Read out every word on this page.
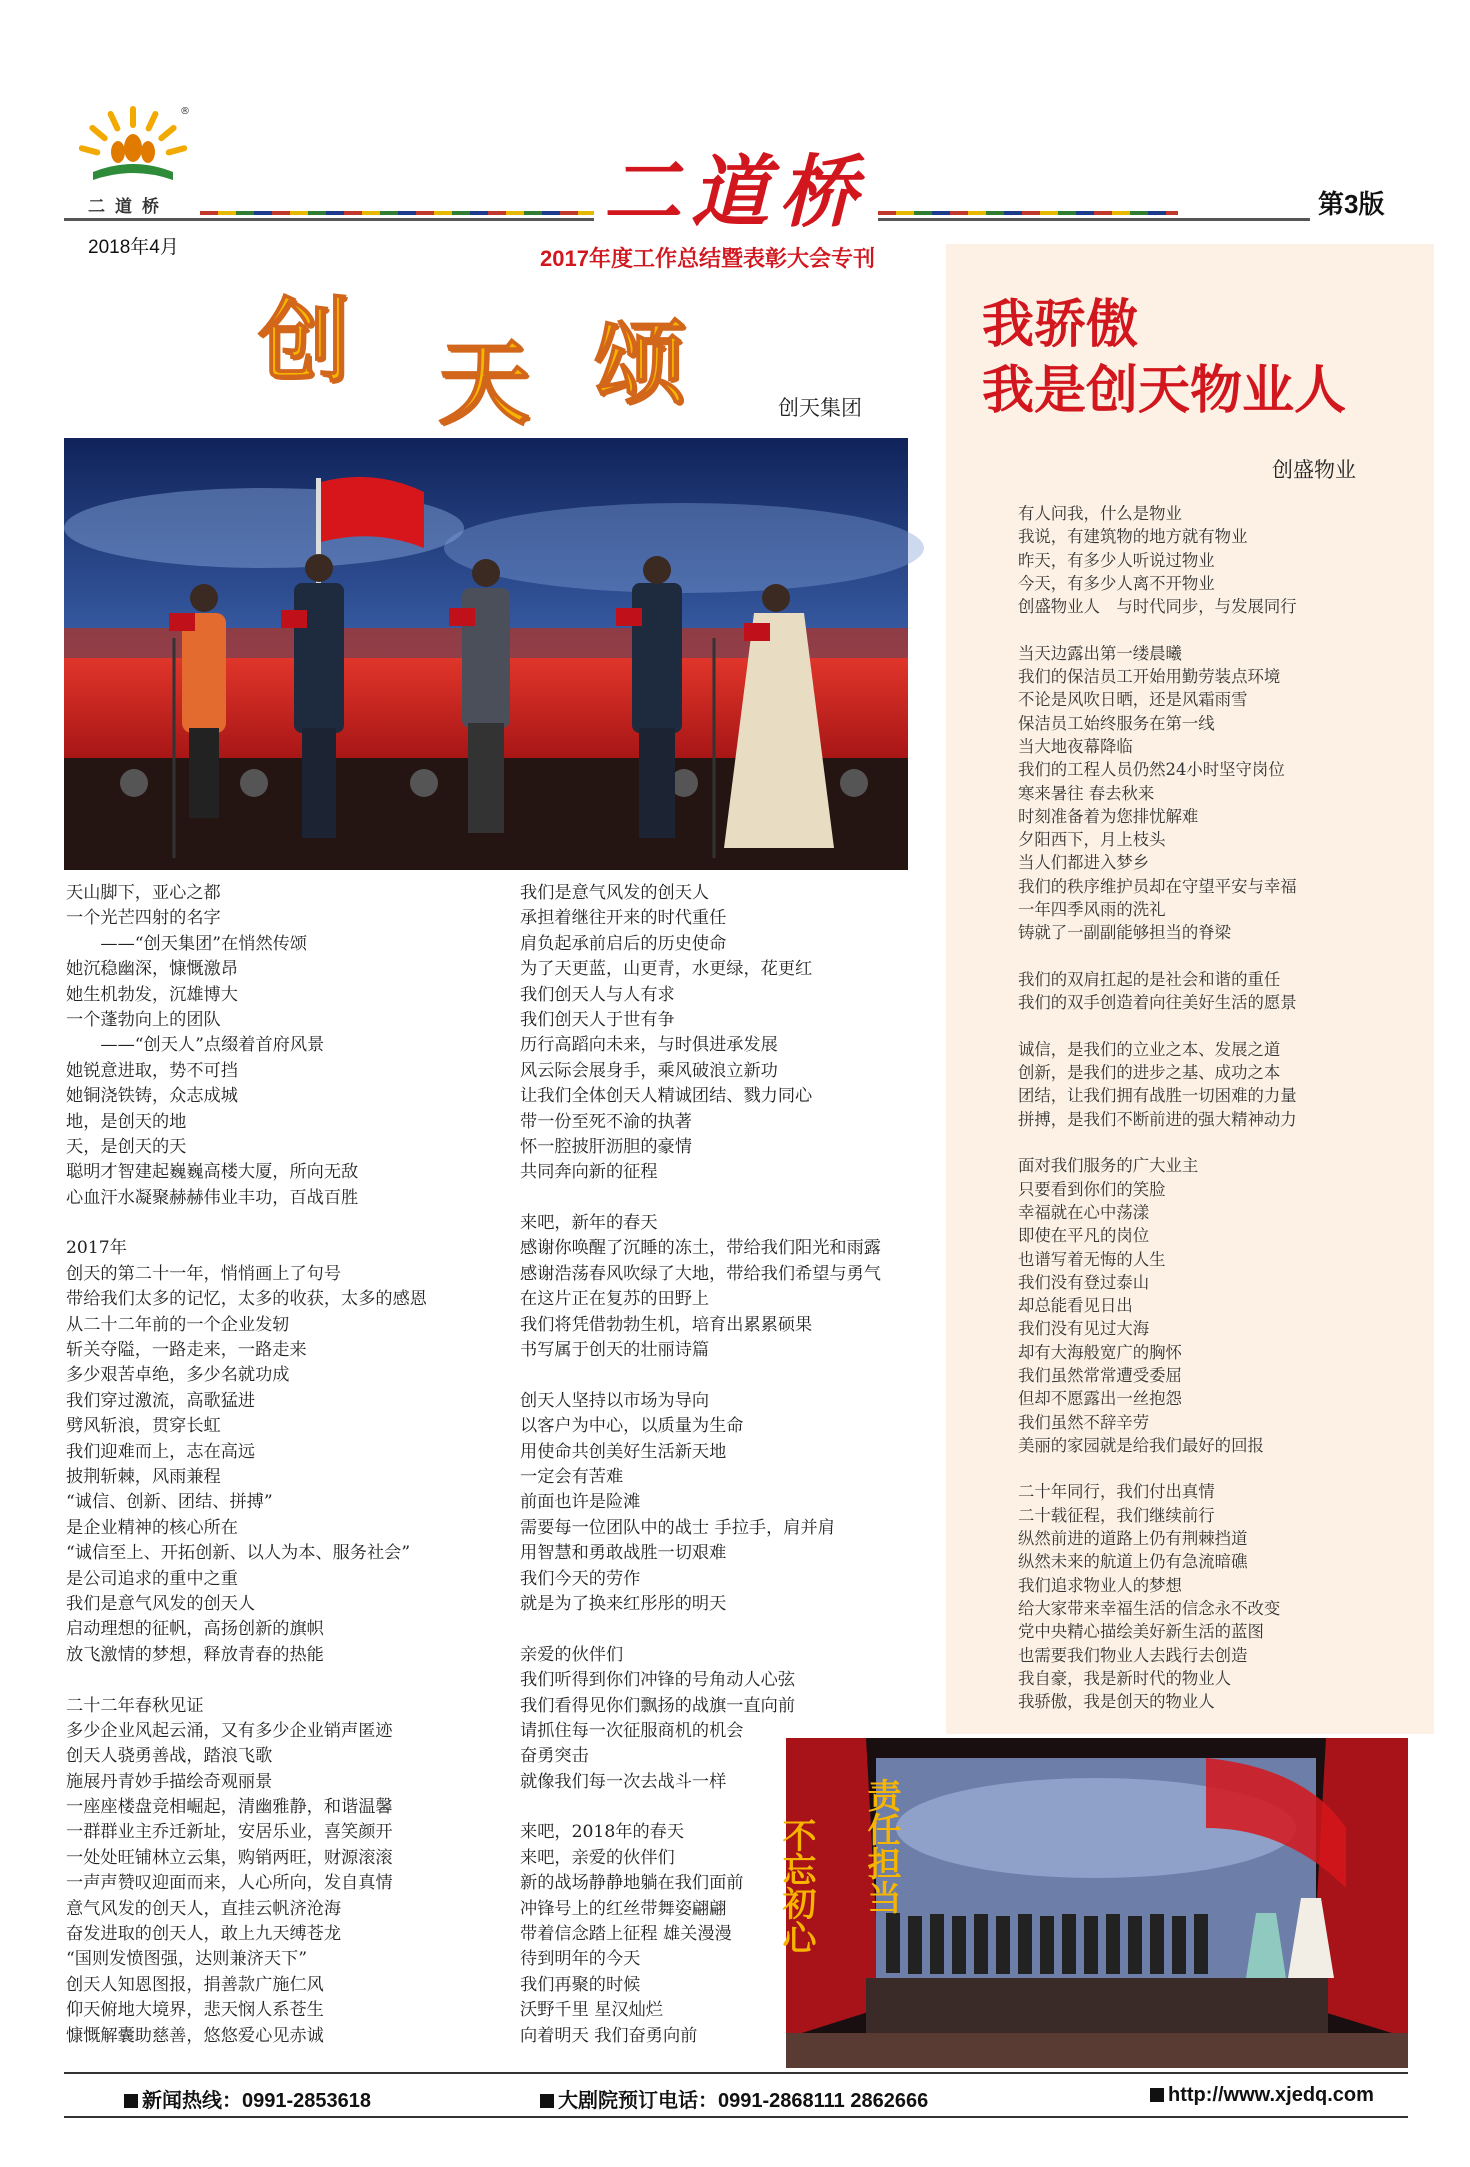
®
二道桥	二道桥	第3版
2018年4月	2017年度工作总结暨表彰大会专刊
创 天 颂	创天集团
天山脚下，亚心之都
一个光芒四射的名字
　　——“创天集团”在悄然传颂
她沉稳幽深，慷慨激昂
她生机勃发，沉雄博大
一个蓬勃向上的团队
　　——“创天人”点缀着首府风景
她锐意进取，势不可挡
她铜浇铁铸，众志成城
地，是创天的地
天，是创天的天
聪明才智建起巍巍高楼大厦，所向无敌
心血汗水凝聚赫赫伟业丰功，百战百胜
2017年
创天的第二十一年，悄悄画上了句号
带给我们太多的记忆，太多的收获，太多的感恩
从二十二年前的一个企业发轫
斩关夺隘，一路走来，一路走来
多少艰苦卓绝，多少名就功成
我们穿过激流，高歌猛进
劈风斩浪，贯穿长虹
我们迎难而上，志在高远
披荆斩棘，风雨兼程
“诚信、创新、团结、拼搏”
是企业精神的核心所在
“诚信至上、开拓创新、以人为本、服务社会”
是公司追求的重中之重
我们是意气风发的创天人
启动理想的征帆，高扬创新的旗帜
放飞激情的梦想，释放青春的热能
二十二年春秋见证
多少企业风起云涌，又有多少企业销声匿迹
创天人骁勇善战，踏浪飞歌
施展丹青妙手描绘奇观丽景
一座座楼盘竞相崛起，清幽雅静，和谐温馨
一群群业主乔迁新址，安居乐业，喜笑颜开
一处处旺铺林立云集，购销两旺，财源滚滚
一声声赞叹迎面而来，人心所向，发自真情
意气风发的创天人，直挂云帆济沧海
奋发进取的创天人，敢上九天缚苍龙
“国则发愤图强，达则兼济天下”
创天人知恩图报，捐善款广施仁风
仰天俯地大境界，悲天悯人系苍生
慷慨解囊助慈善，悠悠爱心见赤诚
我们是意气风发的创天人
承担着继往开来的时代重任
肩负起承前启后的历史使命
为了天更蓝，山更青，水更绿，花更红
我们创天人与人有求
我们创天人于世有争
历行高蹈向未来，与时俱进承发展
风云际会展身手，乘风破浪立新功
让我们全体创天人精诚团结、戮力同心
带一份至死不渝的执著
怀一腔披肝沥胆的豪情
共同奔向新的征程
来吧，新年的春天
感谢你唤醒了沉睡的冻土，带给我们阳光和雨露
感谢浩荡春风吹绿了大地，带给我们希望与勇气
在这片正在复苏的田野上
我们将凭借勃勃生机，培育出累累硕果
书写属于创天的壮丽诗篇
创天人坚持以市场为导向
以客户为中心，以质量为生命
用使命共创美好生活新天地
一定会有苦难
前面也许是险滩
需要每一位团队中的战士 手拉手，肩并肩
用智慧和勇敢战胜一切艰难
我们今天的劳作
就是为了换来红彤彤的明天
亲爱的伙伴们
我们听得到你们冲锋的号角动人心弦
我们看得见你们飘扬的战旗一直向前
请抓住每一次征服商机的机会
奋勇突击
就像我们每一次去战斗一样
来吧，2018年的春天
来吧，亲爱的伙伴们
新的战场静静地躺在我们面前
冲锋号上的红丝带舞姿翩翩
带着信念踏上征程 雄关漫漫
待到明年的今天
我们再聚的时候
沃野千里 星汉灿烂
向着明天 我们奋勇向前
我骄傲
我是创天物业人
创盛物业
有人问我，什么是物业
我说，有建筑物的地方就有物业
昨天，有多少人听说过物业
今天，有多少人离不开物业
创盛物业人　与时代同步，与发展同行
当天边露出第一缕晨曦
我们的保洁员工开始用勤劳装点环境
不论是风吹日晒，还是风霜雨雪
保洁员工始终服务在第一线
当大地夜幕降临
我们的工程人员仍然24小时坚守岗位
寒来暑往 春去秋来
时刻准备着为您排忧解难
夕阳西下，月上枝头
当人们都进入梦乡
我们的秩序维护员却在守望平安与幸福
一年四季风雨的洗礼
铸就了一副副能够担当的脊梁
我们的双肩扛起的是社会和谐的重任
我们的双手创造着向往美好生活的愿景
诚信，是我们的立业之本、发展之道
创新，是我们的进步之基、成功之本
团结，让我们拥有战胜一切困难的力量
拼搏，是我们不断前进的强大精神动力
面对我们服务的广大业主
只要看到你们的笑脸
幸福就在心中荡漾
即使在平凡的岗位
也谱写着无悔的人生
我们没有登过泰山
却总能看见日出
我们没有见过大海
却有大海般宽广的胸怀
我们虽然常常遭受委屈
但却不愿露出一丝抱怨
我们虽然不辞辛劳
美丽的家园就是给我们最好的回报
二十年同行，我们付出真情
二十载征程，我们继续前行
纵然前进的道路上仍有荆棘挡道
纵然未来的航道上仍有急流暗礁
我们追求物业人的梦想
给大家带来幸福生活的信念永不改变
党中央精心描绘美好新生活的蓝图
也需要我们物业人去践行去创造
我自豪，我是新时代的物业人
我骄傲，我是创天的物业人
不忘初心 责任担当
新闻热线：0991-2853618	大剧院预订电话：0991-2868111 2862666	http://www.xjedq.com
